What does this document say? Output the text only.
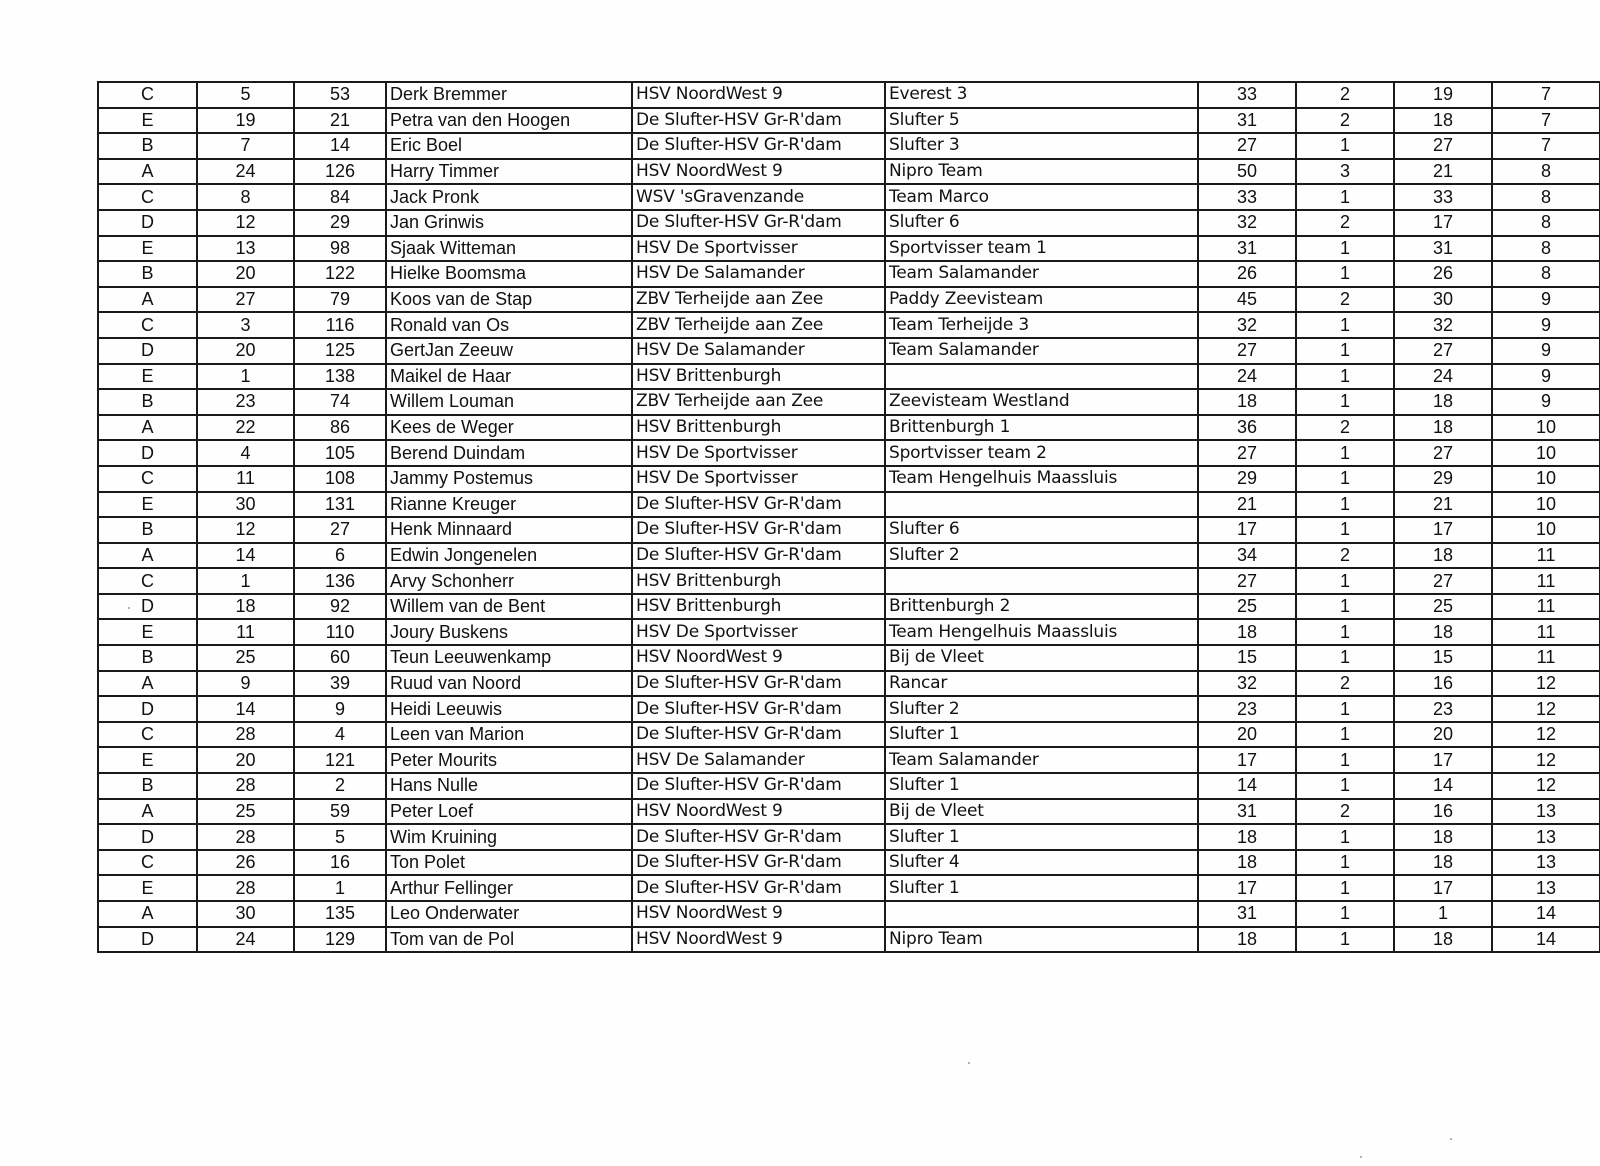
C	5	53	Derk Bremmer	HSV NoordWest 9	Everest 3	33	2	19	7
E	19	21	Petra van den Hoogen	De Slufter-HSV Gr-R'dam	Slufter 5	31	2	18	7
B	7	14	Eric Boel	De Slufter-HSV Gr-R'dam	Slufter 3	27	1	27	7
A	24	126	Harry Timmer	HSV NoordWest 9	Nipro Team	50	3	21	8
C	8	84	Jack Pronk	WSV 'sGravenzande	Team Marco	33	1	33	8
D	12	29	Jan Grinwis	De Slufter-HSV Gr-R'dam	Slufter 6	32	2	17	8
E	13	98	Sjaak Witteman	HSV De Sportvisser	Sportvisser team 1	31	1	31	8
B	20	122	Hielke Boomsma	HSV De Salamander	Team Salamander	26	1	26	8
A	27	79	Koos van de Stap	ZBV Terheijde aan Zee	Paddy Zeevisteam	45	2	30	9
C	3	116	Ronald van Os	ZBV Terheijde aan Zee	Team Terheijde 3	32	1	32	9
D	20	125	GertJan Zeeuw	HSV De Salamander	Team Salamander	27	1	27	9
E	1	138	Maikel de Haar	HSV Brittenburgh		24	1	24	9
B	23	74	Willem Louman	ZBV Terheijde aan Zee	Zeevisteam Westland	18	1	18	9
A	22	86	Kees de Weger	HSV Brittenburgh	Brittenburgh 1	36	2	18	10
D	4	105	Berend Duindam	HSV De Sportvisser	Sportvisser team 2	27	1	27	10
C	11	108	Jammy Postemus	HSV De Sportvisser	Team Hengelhuis Maassluis	29	1	29	10
E	30	131	Rianne Kreuger	De Slufter-HSV Gr-R'dam		21	1	21	10
B	12	27	Henk Minnaard	De Slufter-HSV Gr-R'dam	Slufter 6	17	1	17	10
A	14	6	Edwin Jongenelen	De Slufter-HSV Gr-R'dam	Slufter 2	34	2	18	11
C	1	136	Arvy Schonherr	HSV Brittenburgh		27	1	27	11
D	18	92	Willem van de Bent	HSV Brittenburgh	Brittenburgh 2	25	1	25	11
E	11	110	Joury Buskens	HSV De Sportvisser	Team Hengelhuis Maassluis	18	1	18	11
B	25	60	Teun Leeuwenkamp	HSV NoordWest 9	Bij de Vleet	15	1	15	11
A	9	39	Ruud van Noord	De Slufter-HSV Gr-R'dam	Rancar	32	2	16	12
D	14	9	Heidi Leeuwis	De Slufter-HSV Gr-R'dam	Slufter 2	23	1	23	12
C	28	4	Leen van Marion	De Slufter-HSV Gr-R'dam	Slufter 1	20	1	20	12
E	20	121	Peter Mourits	HSV De Salamander	Team Salamander	17	1	17	12
B	28	2	Hans Nulle	De Slufter-HSV Gr-R'dam	Slufter 1	14	1	14	12
A	25	59	Peter Loef	HSV NoordWest 9	Bij de Vleet	31	2	16	13
D	28	5	Wim Kruining	De Slufter-HSV Gr-R'dam	Slufter 1	18	1	18	13
C	26	16	Ton Polet	De Slufter-HSV Gr-R'dam	Slufter 4	18	1	18	13
E	28	1	Arthur Fellinger	De Slufter-HSV Gr-R'dam	Slufter 1	17	1	17	13
A	30	135	Leo Onderwater	HSV NoordWest 9		31	1	1	14
D	24	129	Tom van de Pol	HSV NoordWest 9	Nipro Team	18	1	18	14
